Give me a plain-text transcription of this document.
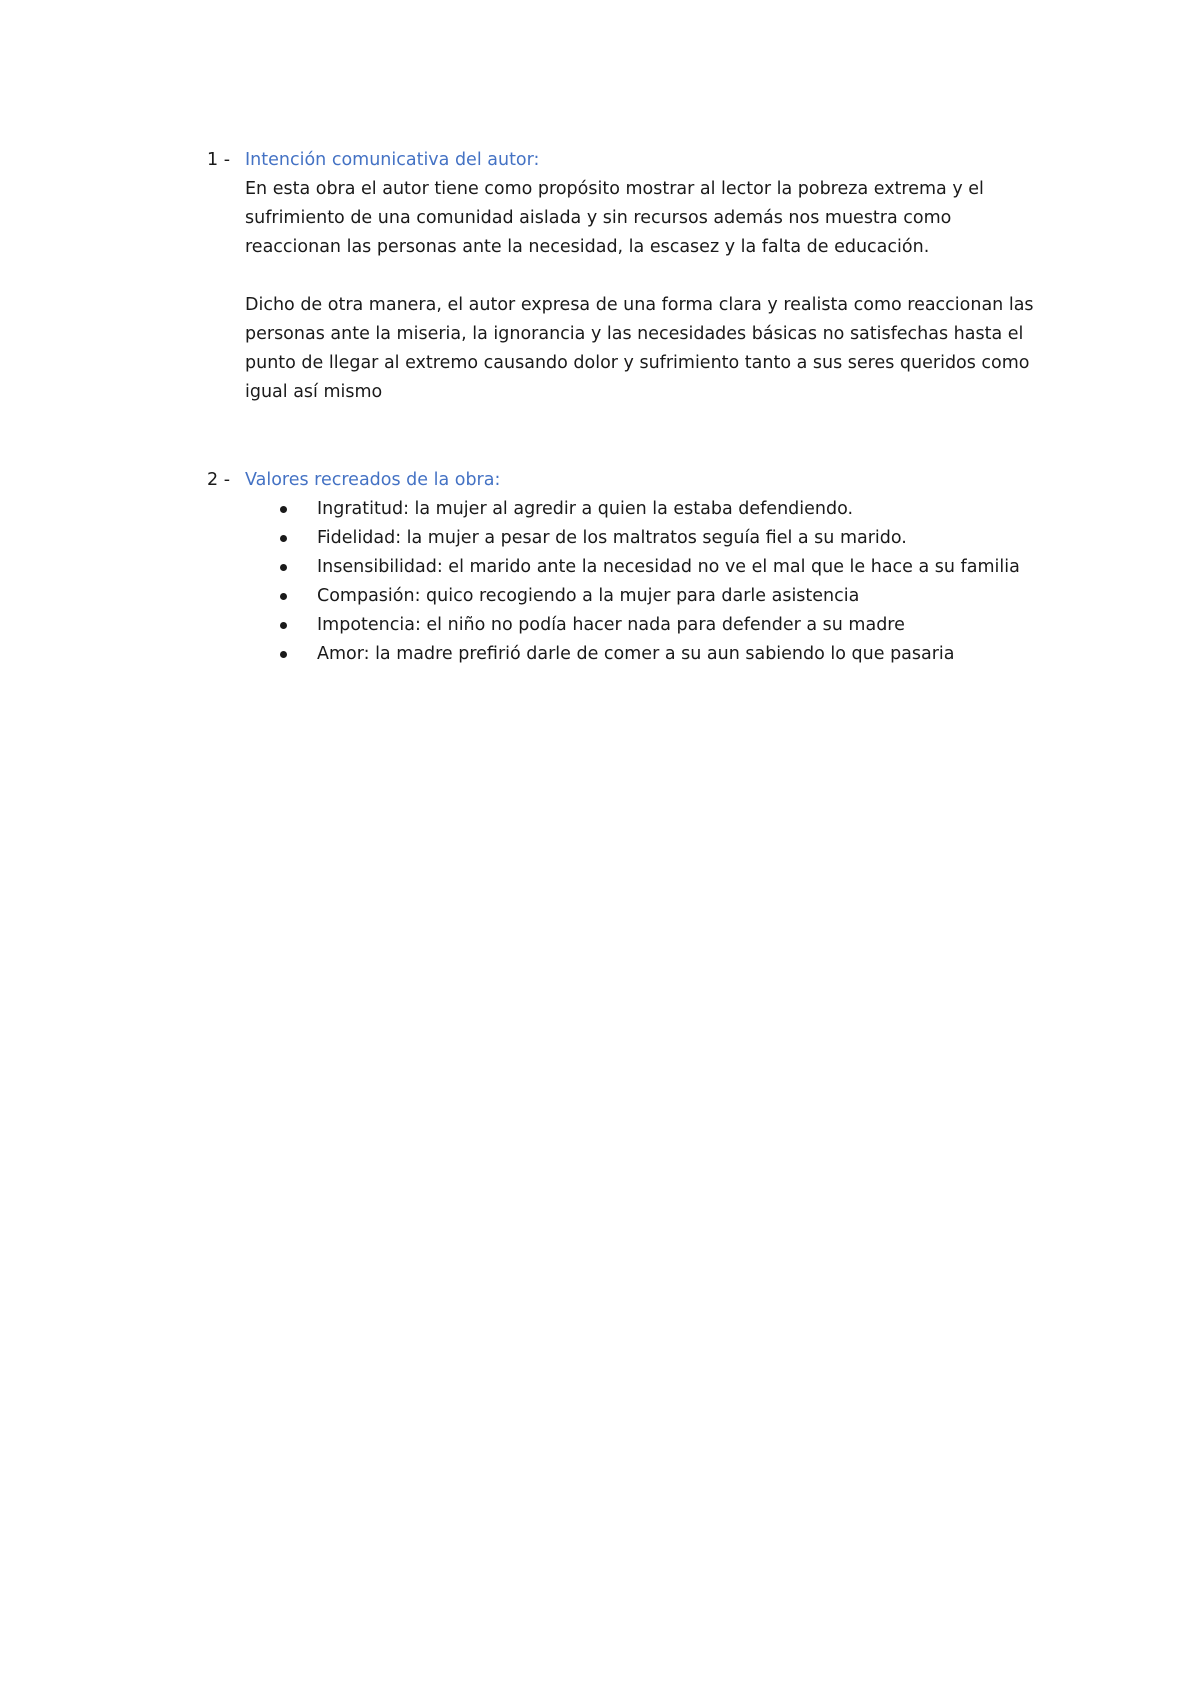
1 - Intención comunicativa del autor:

En esta obra el autor tiene como propósito mostrar al lector la pobreza extrema y el sufrimiento de una comunidad aislada y sin recursos además nos muestra como reaccionan las personas ante la necesidad, la escasez y la falta de educación.

Dicho de otra manera, el autor expresa de una forma clara y realista como reaccionan las personas ante la miseria, la ignorancia y las necesidades básicas no satisfechas hasta el punto de llegar al extremo causando dolor y sufrimiento tanto a sus seres queridos como igual así mismo

2 - Valores recreados de la obra:
Ingratitud: la mujer al agredir a quien la estaba defendiendo.
Fidelidad: la mujer a pesar de los maltratos seguía fiel a su marido.
Insensibilidad: el marido ante la necesidad no ve el mal que le hace a su familia
Compasión: quico recogiendo a la mujer para darle asistencia
Impotencia: el niño no podía hacer nada para defender a su madre
Amor: la madre prefirió darle de comer a su aun sabiendo lo que pasaria
